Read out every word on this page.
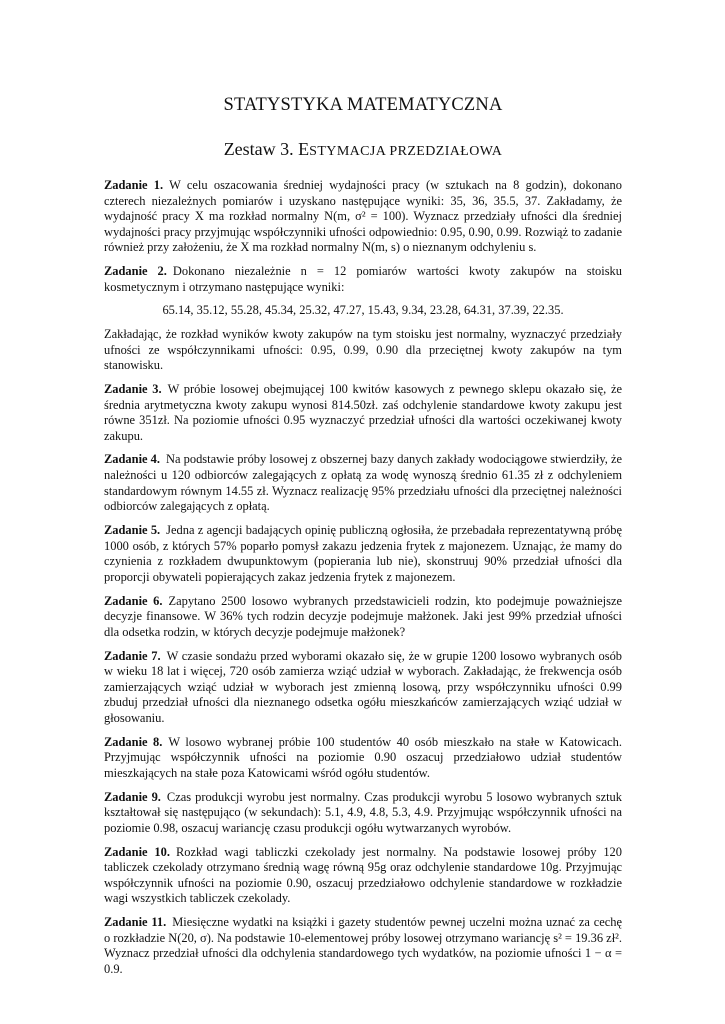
STATYSTYKA MATEMATYCZNA
Zestaw 3. ESTYMACJA PRZEDZIAŁOWA

Zadanie 1. W celu oszacowania średniej wydajności pracy (w sztukach na 8 godzin), dokonano czterech niezależnych pomiarów i uzyskano następujące wyniki: 35, 36, 35.5, 37. Zakładamy, że wydajność pracy X ma rozkład normalny N(m, σ² = 100). Wyznacz przedziały ufności dla średniej wydajności pracy przyjmując współczynniki ufności odpowiednio: 0.95, 0.90, 0.99. Rozwiąż to zadanie również przy założeniu, że X ma rozkład normalny N(m, s) o nieznanym odchyleniu s.

Zadanie 2. Dokonano niezależnie n = 12 pomiarów wartości kwoty zakupów na stoisku kosmetycznym i otrzymano następujące wyniki:

65.14, 35.12, 55.28, 45.34, 25.32, 47.27, 15.43, 9.34, 23.28, 64.31, 37.39, 22.35.

Zakładając, że rozkład wyników kwoty zakupów na tym stoisku jest normalny, wyznaczyć przedziały ufności ze współczynnikami ufności: 0.95, 0.99, 0.90 dla przeciętnej kwoty zakupów na tym stanowisku.

Zadanie 3. W próbie losowej obejmującej 100 kwitów kasowych z pewnego sklepu okazało się, że średnia arytmetyczna kwoty zakupu wynosi 814.50zł. zaś odchylenie standardowe kwoty zakupu jest równe 351zł. Na poziomie ufności 0.95 wyznaczyć przedział ufności dla wartości oczekiwanej kwoty zakupu.

Zadanie 4. Na podstawie próby losowej z obszernej bazy danych zakłady wodociągowe stwierdziły, że należności u 120 odbiorców zalegających z opłatą za wodę wynoszą średnio 61.35 zł z odchyleniem standardowym równym 14.55 zł. Wyznacz realizację 95% przedziału ufności dla przeciętnej należności odbiorców zalegających z opłatą.

Zadanie 5. Jedna z agencji badających opinię publiczną ogłosiła, że przebadała reprezentatywną próbę 1000 osób, z których 57% poparło pomysł zakazu jedzenia frytek z majonezem. Uznając, że mamy do czynienia z rozkładem dwupunktowym (popierania lub nie), skonstruuj 90% przedział ufności dla proporcji obywateli popierających zakaz jedzenia frytek z majonezem.

Zadanie 6. Zapytano 2500 losowo wybranych przedstawicieli rodzin, kto podejmuje poważniejsze decyzje finansowe. W 36% tych rodzin decyzje podejmuje małżonek. Jaki jest 99% przedział ufności dla odsetka rodzin, w których decyzje podejmuje małżonek?

Zadanie 7. W czasie sondażu przed wyborami okazało się, że w grupie 1200 losowo wybranych osób w wieku 18 lat i więcej, 720 osób zamierza wziąć udział w wyborach. Zakładając, że frekwencja osób zamierzających wziąć udział w wyborach jest zmienną losową, przy współczynniku ufności 0.99 zbuduj przedział ufności dla nieznanego odsetka ogółu mieszkańców zamierzających wziąć udział w głosowaniu.

Zadanie 8. W losowo wybranej próbie 100 studentów 40 osób mieszkało na stałe w Katowicach. Przyjmując współczynnik ufności na poziomie 0.90 oszacuj przedziałowo udział studentów mieszkających na stałe poza Katowicami wśród ogółu studentów.

Zadanie 9. Czas produkcji wyrobu jest normalny. Czas produkcji wyrobu 5 losowo wybranych sztuk kształtował się następująco (w sekundach): 5.1, 4.9, 4.8, 5.3, 4.9. Przyjmując współczynnik ufności na poziomie 0.98, oszacuj wariancję czasu produkcji ogółu wytwarzanych wyrobów.

Zadanie 10. Rozkład wagi tabliczki czekolady jest normalny. Na podstawie losowej próby 120 tabliczek czekolady otrzymano średnią wagę równą 95g oraz odchylenie standardowe 10g. Przyjmując współczynnik ufności na poziomie 0.90, oszacuj przedziałowo odchylenie standardowe w rozkładzie wagi wszystkich tabliczek czekolady.

Zadanie 11. Miesięczne wydatki na książki i gazety studentów pewnej uczelni można uznać za cechę o rozkładzie N(20, σ). Na podstawie 10-elementowej próby losowej otrzymano wariancję s² = 19.36 zł². Wyznacz przedział ufności dla odchylenia standardowego tych wydatków, na poziomie ufności 1 − α = 0.9.
